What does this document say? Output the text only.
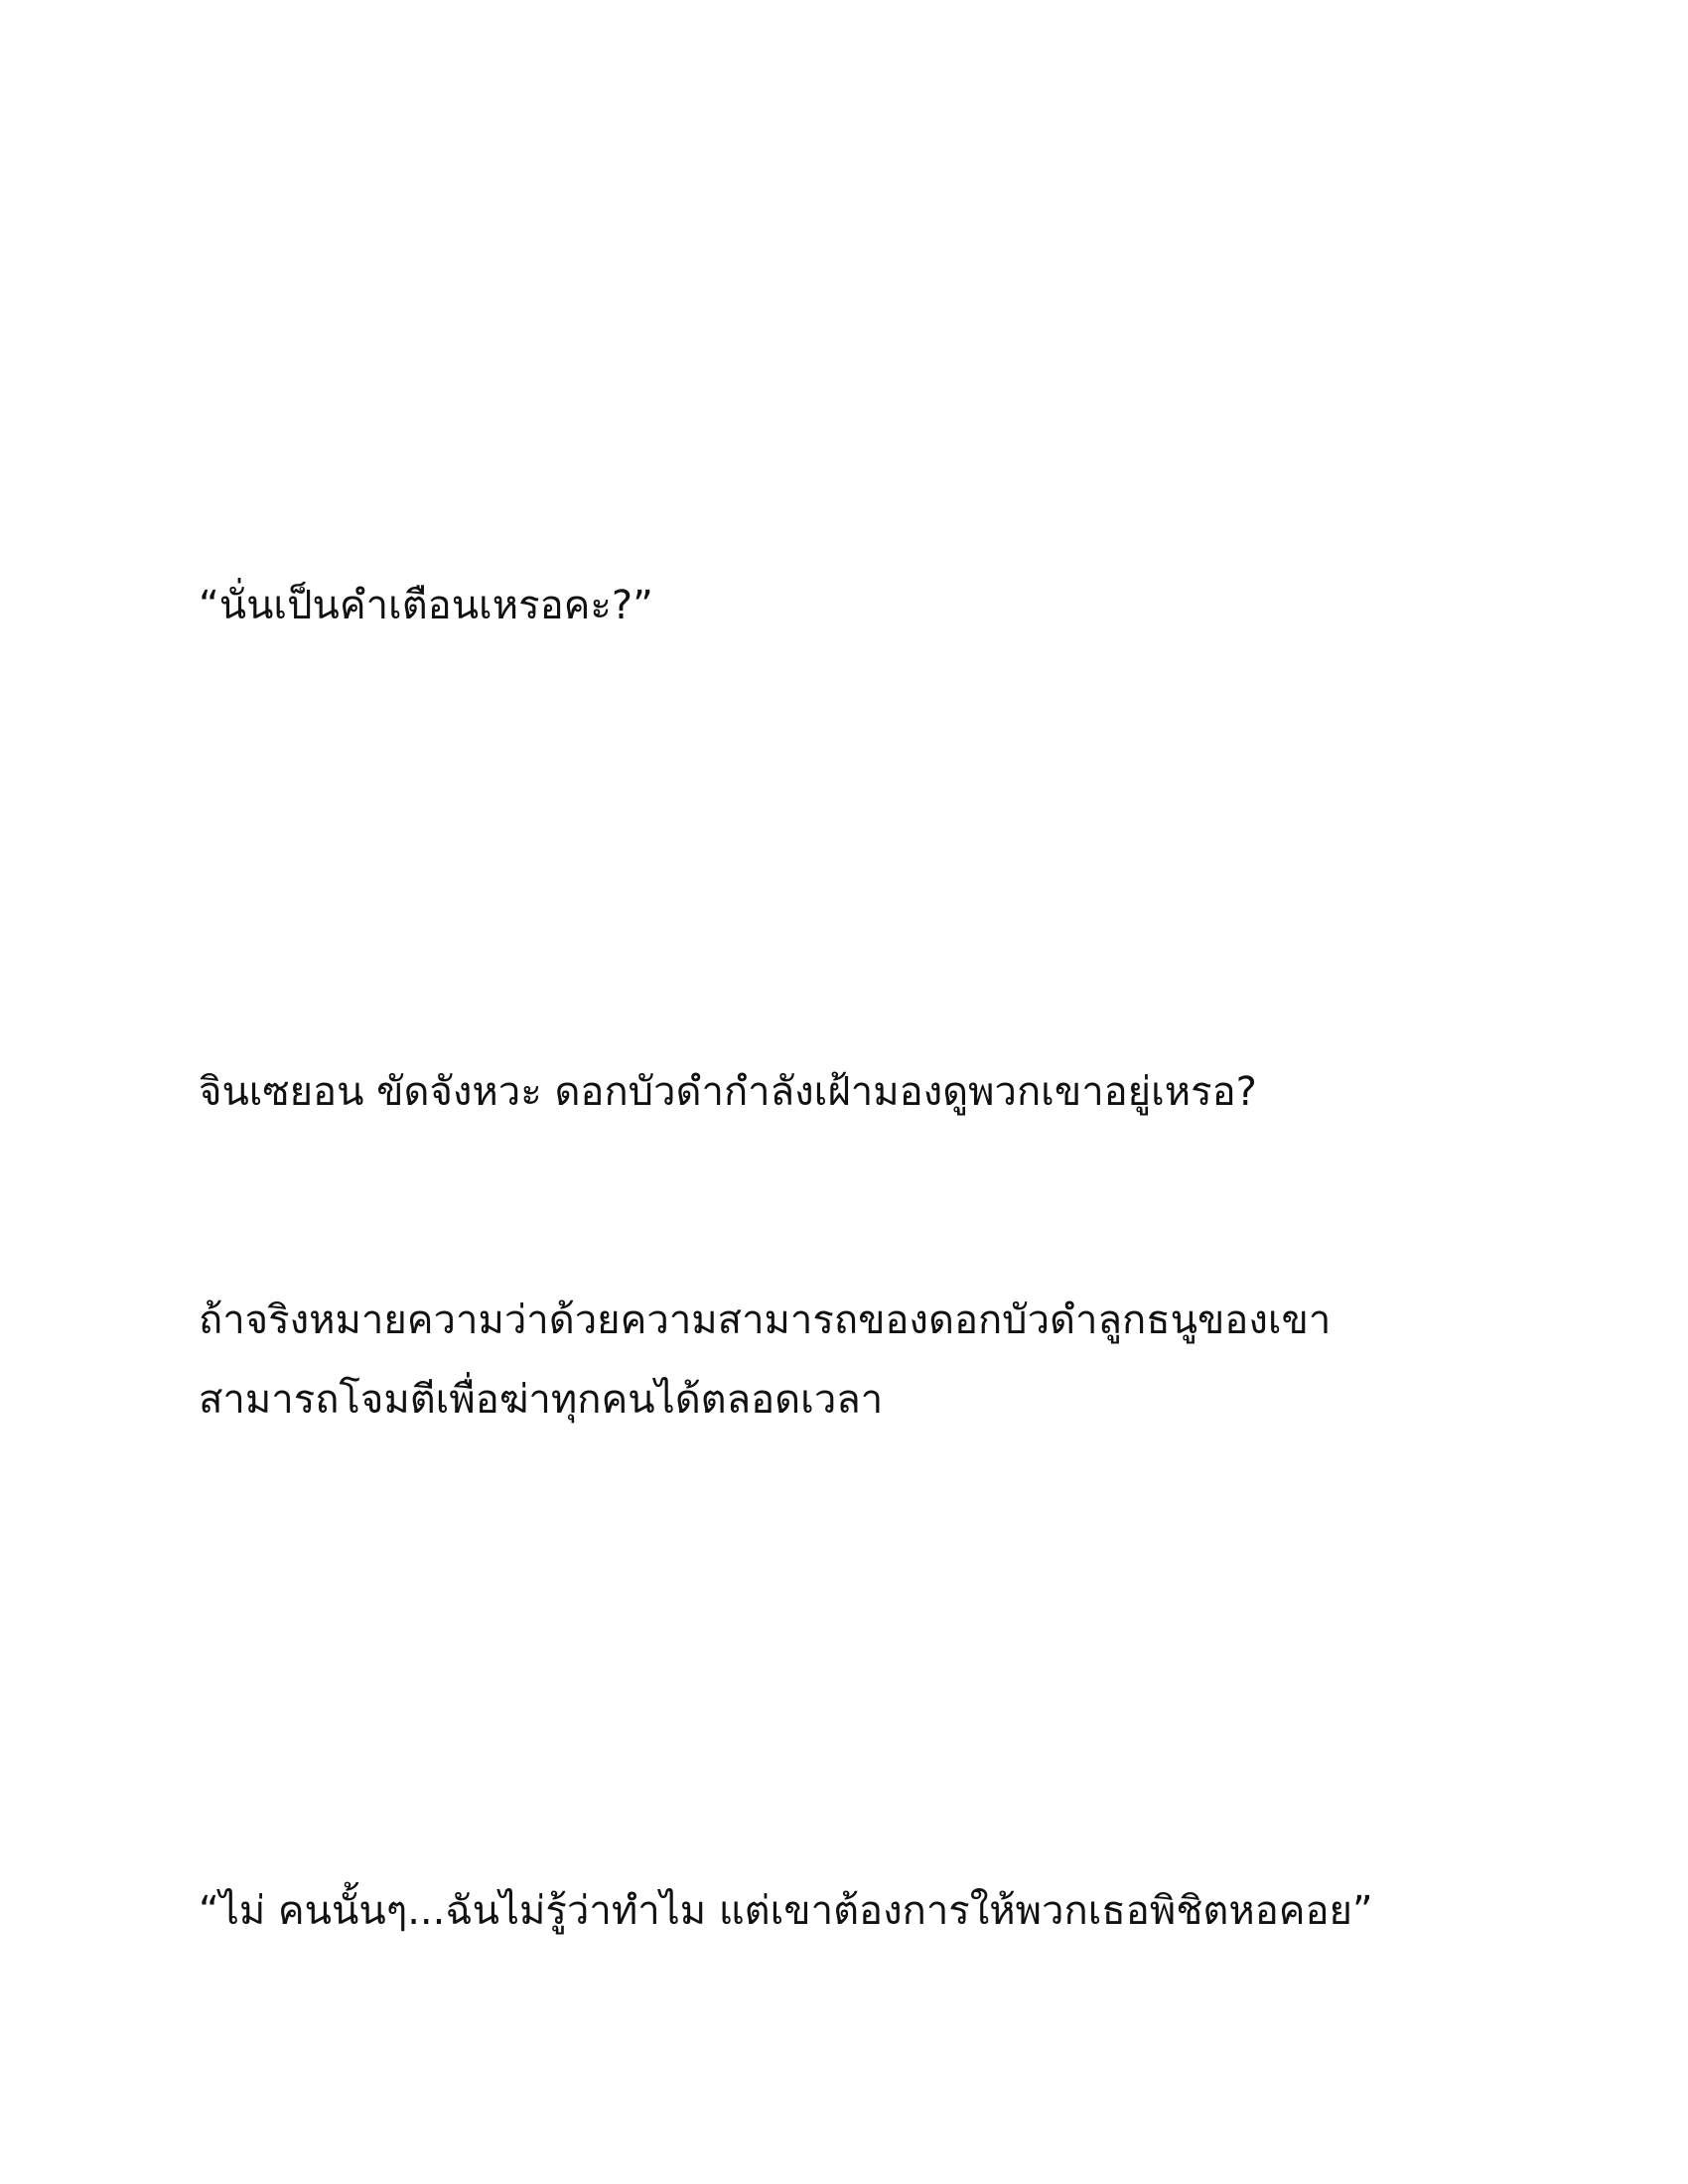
“นั่นเป็นคำเตือนเหรอคะ?”

จินเซยอน ขัดจังหวะ ดอกบัวดำกำลังเฝ้ามองดูพวกเขาอยู่เหรอ?

ถ้าจริงหมายความว่าด้วยความสามารถของดอกบัวดำลูกธนูของเขา
สามารถโจมตีเพื่อฆ่าทุกคนได้ตลอดเวลา

“ไม่ คนนั้นๆ...ฉันไม่รู้ว่าทำไม แต่เขาต้องการให้พวกเธอพิชิตหอคอย”
